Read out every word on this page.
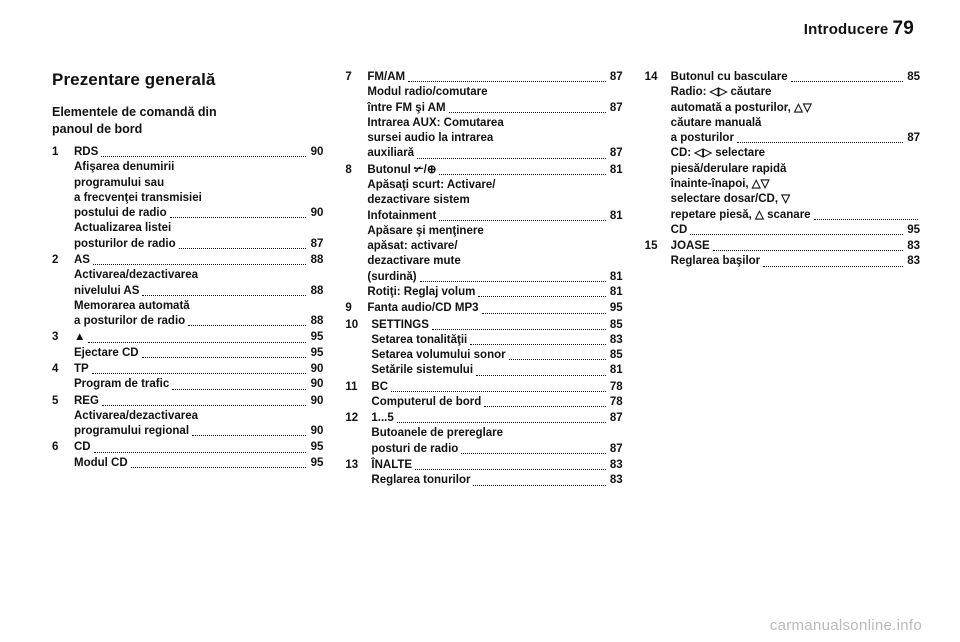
Introducere 79
Prezentare generală
Elementele de comandă din
panoul de bord
1	RDS	90
Afişarea denumirii
programului sau
a frecvenţei transmisiei
postului de radio	90
Actualizarea listei
posturilor de radio	87
2	AS	88
Activarea/dezactivarea
nivelului AS	88
Memorarea automată
a posturilor de radio	88
3	▲	95
Ejectare CD	95
4	TP	90
Program de trafic	90
5	REG	90
Activarea/dezactivarea
programului regional	90
6	CD	95
Modul CD	95
7	FM/AM	87
Modul radio/comutare
între FM şi AM	87
Intrarea AUX: Comutarea
sursei audio la intrarea
auxiliară	87
8	Butonul ✃/⊕	81
Apăsaţi scurt: Activare/
dezactivare sistem
Infotainment	81
Apăsare şi menţinere
apăsat: activare/
dezactivare mute
(surdină)	81
Rotiţi: Reglaj volum	81
9	Fanta audio/CD MP3	95
10	SETTINGS	85
Setarea tonalităţii	83
Setarea volumului sonor	85
Setările sistemului	81
11	BC	78
Computerul de bord	78
12	1...5	87
Butoanele de prereglare
posturi de radio	87
13	ÎNALTE	83
Reglarea tonurilor	83
14	Butonul cu basculare	85
Radio: ◁▷ căutare
automată a posturilor, △▽
căutare manuală
a posturilor	87
CD: ◁▷ selectare
piesă/derulare rapidă
înainte-înapoi, △▽
selectare dosar/CD, ▽
repetare piesă, △ scanare
CD	95
15	JOASE	83
Reglarea başilor	83
carmanualsonline.info
